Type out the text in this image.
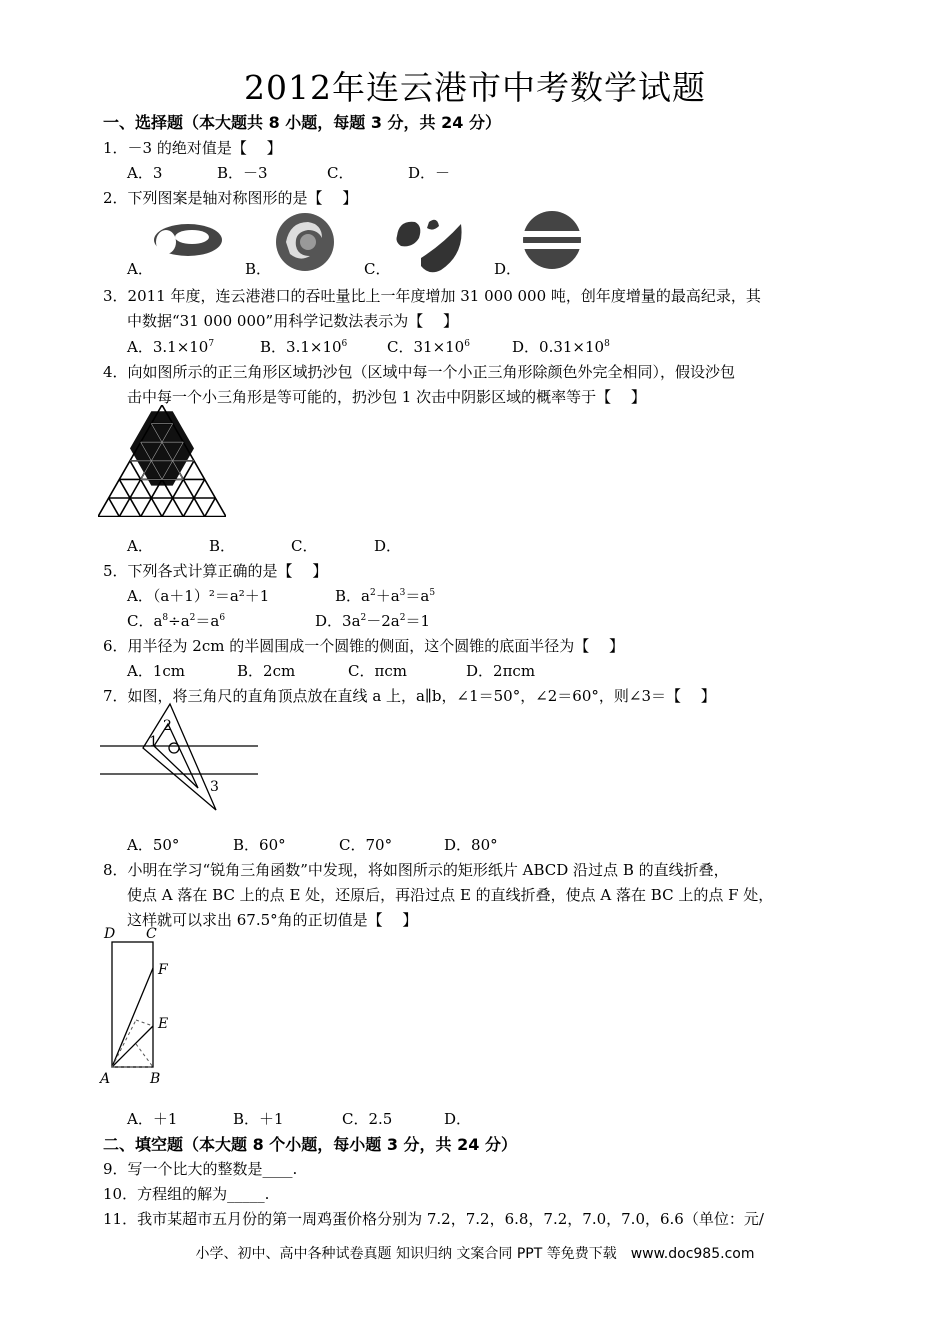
2012年连云港市中考数学试题
一、选择题（本大题共 8 小题，每题 3 分，共 24 分）
1．－3 的绝对值是【　 】
A．3	B．－3	C．	D．－
2．下列图案是轴对称图形的是【　 】
A．	B．	C．	D．
3．2011 年度，连云港港口的吞吐量比上一年度增加 31 000 000 吨，创年度增量的最高纪录，其
中数据“31 000 000”用科学记数法表示为【　 】
A．$3.1\times 10^7$	B．$3.1\times 10^6$	C．$31\times 10^6$	D．$0.31\times 10^8$
4．向如图所示的正三角形区域扔沙包（区域中每一个小正三角形除颜色外完全相同），假设沙包
击中每一个小三角形是等可能的，扔沙包 1 次击中阴影区域的概率等于【　 】
A．	B．	C．	D．
5．下列各式计算正确的是【　 】
A．（a＋1）²＝a²＋1	B．$a^2+a^3=a^5$
C．$a^8\div a^2=a^6$	D．$3a^2-2a^2=1$
6．用半径为 2cm 的半圆围成一个圆锥的侧面，这个圆锥的底面半径为【　 】
A．1cm	B．2cm	C．πcm	D．2πcm
7．如图，将三角尺的直角顶点放在直线 a 上，a∥b，∠1＝50°，∠2＝60°，则∠3＝【　 】
1
2
3
A．50°	B．60°	C．70°	D．80°
8．小明在学习“锐角三角函数”中发现，将如图所示的矩形纸片 ABCD 沿过点 B 的直线折叠，
使点 A 落在 BC 上的点 E 处，还原后，再沿过点 E 的直线折叠，使点 A 落在 BC 上的点 F 处，
这样就可以求出 67.5°角的正切值是【　 】
D C
F
E
A	B
A．＋1	B．＋1	C．2.5	D．
二、填空题（本大题 8 个小题，每小题 3 分，共 24 分）
9．写一个比大的整数是____.
10．方程组的解为_____.
11．我市某超市五月份的第一周鸡蛋价格分别为 7.2，7.2，6.8，7.2，7.0，7.0，6.6（单位：元/
小学、初中、高中各种试卷真题 知识归纳 文案合同 PPT 等免费下载　www.doc985.com
